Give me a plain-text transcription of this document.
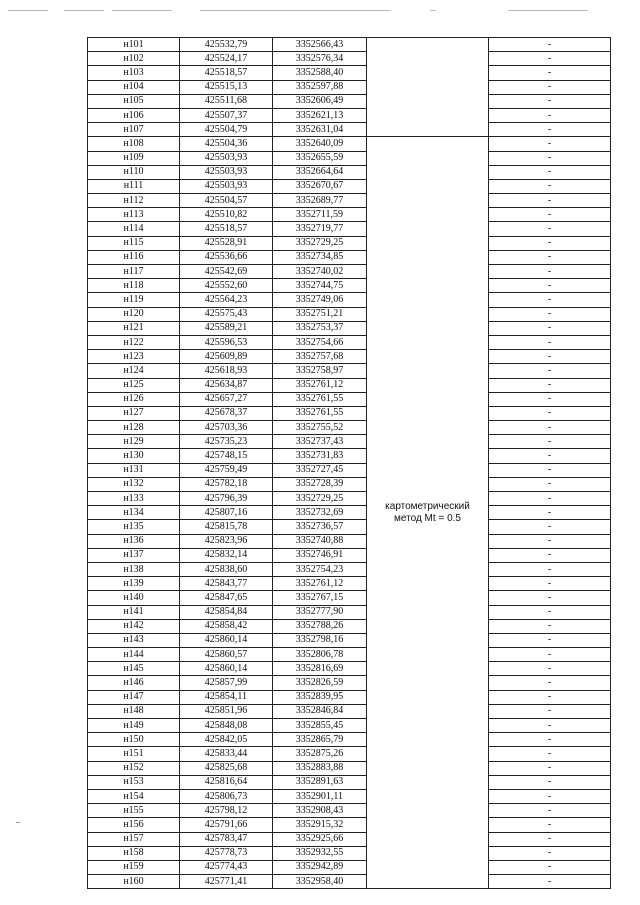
н101	425532,79	3352566,43		-
н102	425524,17	3352576,34		-
н103	425518,57	3352588,40		-
н104	425515,13	3352597,88		-
н105	425511,68	3352606,49		-
н106	425507,37	3352621,13		-
н107	425504,79	3352631,04		-
н108	425504,36	3352640,09	картометрический метод Mt = 0.5	-
н109	425503,93	3352655,59		-
н110	425503,93	3352664,64		-
н111	425503,93	3352670,67		-
н112	425504,57	3352689,77		-
н113	425510,82	3352711,59		-
н114	425518,57	3352719,77		-
н115	425528,91	3352729,25		-
н116	425536,66	3352734,85		-
н117	425542,69	3352740,02		-
н118	425552,60	3352744,75		-
н119	425564,23	3352749,06		-
н120	425575,43	3352751,21		-
н121	425589,21	3352753,37		-
н122	425596,53	3352754,66		-
н123	425609,89	3352757,68		-
н124	425618,93	3352758,97		-
н125	425634,87	3352761,12		-
н126	425657,27	3352761,55		-
н127	425678,37	3352761,55		-
н128	425703,36	3352755,52		-
н129	425735,23	3352737,43		-
н130	425748,15	3352731,83		-
н131	425759,49	3352727,45		-
н132	425782,18	3352728,39		-
н133	425796,39	3352729,25		-
н134	425807,16	3352732,69		-
н135	425815,78	3352736,57		-
н136	425823,96	3352740,88		-
н137	425832,14	3352746,91		-
н138	425838,60	3352754,23		-
н139	425843,77	3352761,12		-
н140	425847,65	3352767,15		-
н141	425854,84	3352777,90		-
н142	425858,42	3352788,26		-
н143	425860,14	3352798,16		-
н144	425860,57	3352806,78		-
н145	425860,14	3352816,69		-
н146	425857,99	3352826,59		-
н147	425854,11	3352839,95		-
н148	425851,96	3352846,84		-
н149	425848,08	3352855,45		-
н150	425842,05	3352865,79		-
н151	425833,44	3352875,26		-
н152	425825,68	3352883,88		-
н153	425816,64	3352891,63		-
н154	425806,73	3352901,11		-
н155	425798,12	3352908,43		-
н156	425791,66	3352915,32		-
н157	425783,47	3352925,66		-
н158	425778,73	3352932,55		-
н159	425774,43	3352942,89		-
н160	425771,41	3352958,40		-
